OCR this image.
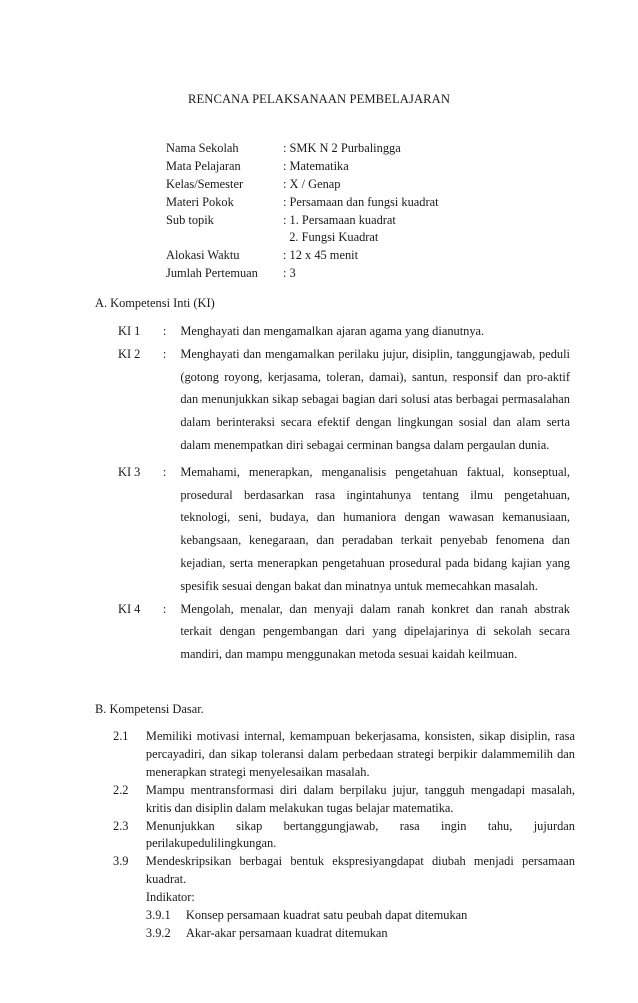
RENCANA PELAKSANAAN PEMBELAJARAN
Nama Sekolah	: SMK N 2 Purbalingga
Mata Pelajaran	: Matematika
Kelas/Semester	: X / Genap
Materi Pokok	: Persamaan dan fungsi kuadrat
Sub topik	: 1. Persamaan kuadrat
2. Fungsi Kuadrat
Alokasi Waktu	: 12 x 45 menit
Jumlah Pertemuan	: 3
A. Kompetensi Inti (KI)
KI 1	:	Menghayati dan mengamalkan ajaran agama yang dianutnya.
KI 2	:	Menghayati dan mengamalkan perilaku jujur, disiplin, tanggungjawab, peduli (gotong royong, kerjasama, toleran, damai), santun, responsif dan pro-aktif dan menunjukkan sikap sebagai bagian dari solusi atas berbagai permasalahan dalam berinteraksi secara efektif dengan lingkungan sosial dan alam serta dalam menempatkan diri sebagai cerminan bangsa dalam pergaulan dunia.
KI 3	:	Memahami, menerapkan, menganalisis pengetahuan faktual, konseptual, prosedural berdasarkan rasa ingintahunya tentang ilmu pengetahuan, teknologi, seni, budaya, dan humaniora dengan wawasan kemanusiaan, kebangsaan, kenegaraan, dan peradaban terkait penyebab fenomena dan kejadian, serta menerapkan pengetahuan prosedural pada bidang kajian yang spesifik sesuai dengan bakat dan minatnya untuk memecahkan masalah.
KI 4	:	Mengolah, menalar, dan menyaji dalam ranah konkret dan ranah abstrak terkait dengan pengembangan dari yang dipelajarinya di sekolah secara mandiri, dan mampu menggunakan metoda sesuai kaidah keilmuan.
B. Kompetensi Dasar.
2.1	Memiliki motivasi internal, kemampuan bekerjasama, konsisten, sikap disiplin, rasa percayadiri, dan sikap toleransi dalam perbedaan strategi berpikir dalammemilih dan menerapkan strategi menyelesaikan masalah.
2.2	Mampu mentransformasi diri dalam berpilaku jujur, tangguh mengadapi masalah, kritis dan disiplin dalam melakukan tugas belajar matematika.
2.3	Menunjukkan sikap bertanggungjawab, rasa ingin tahu, jujurdan perilakupedulilingkungan.
3.9	Mendeskripsikan berbagai bentuk ekspresiyangdapat diubah menjadi persamaan kuadrat.
Indikator:
3.9.1	Konsep persamaan kuadrat satu peubah dapat ditemukan
3.9.2	Akar-akar persamaan kuadrat ditemukan
